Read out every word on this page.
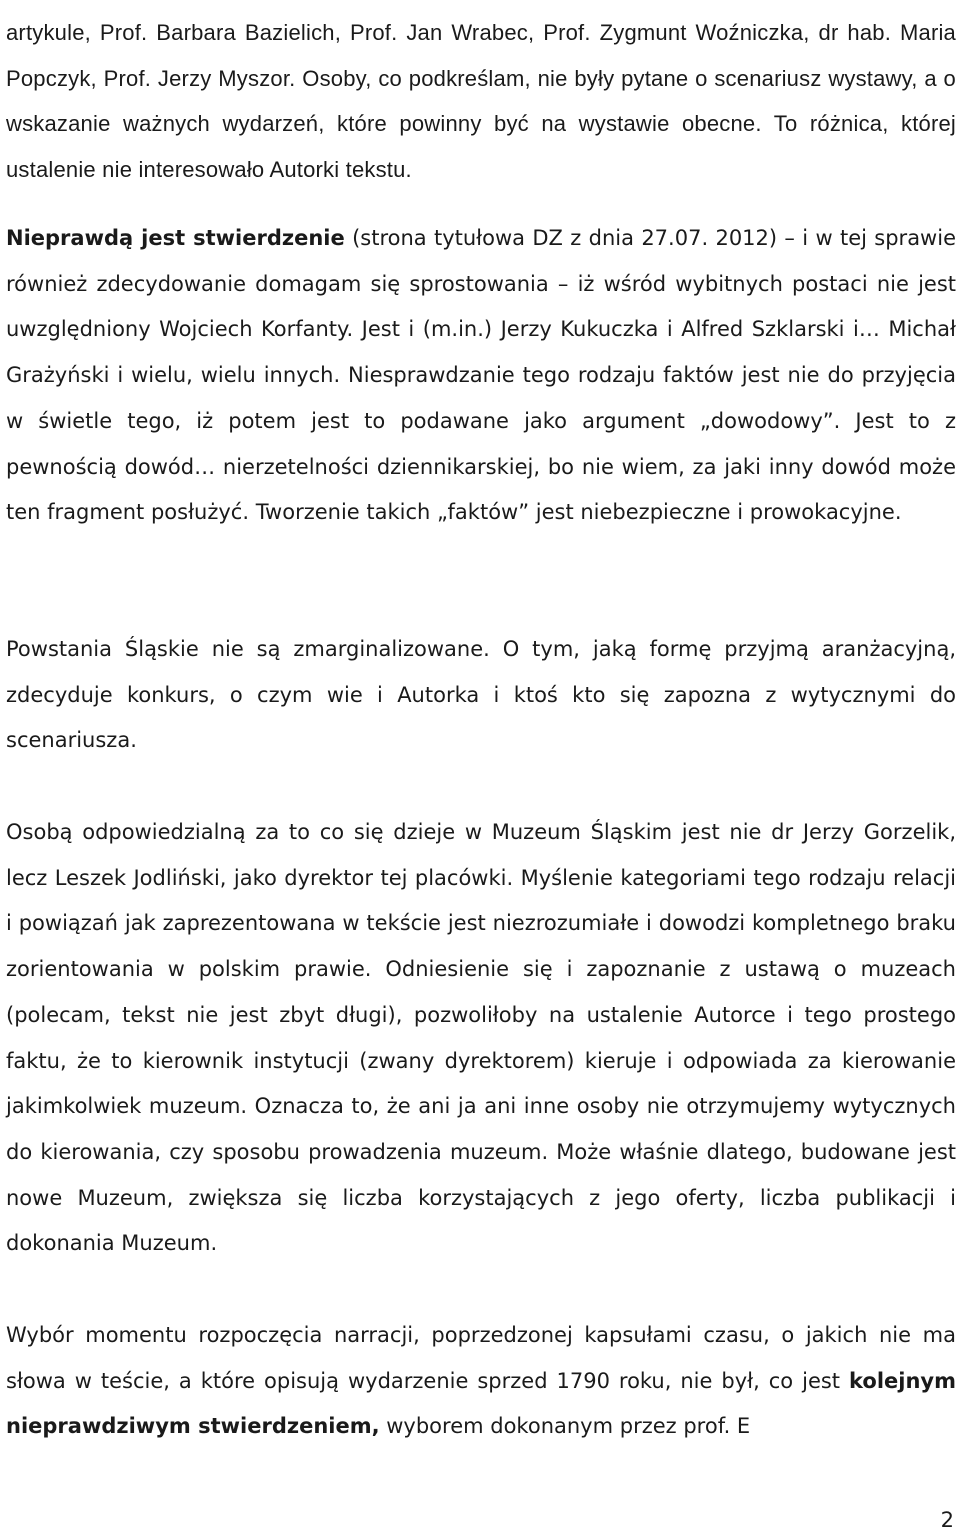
artykule, Prof. Barbara Bazielich, Prof. Jan Wrabec, Prof. Zygmunt Woźniczka, dr hab. Maria Popczyk, Prof. Jerzy Myszor. Osoby, co podkreślam, nie były pytane o scenariusz wystawy, a o wskazanie ważnych wydarzeń, które powinny być na wystawie obecne. To różnica, której ustalenie nie interesowało Autorki tekstu.

Nieprawdą jest stwierdzenie (strona tytułowa DZ z dnia 27.07. 2012) – i w tej sprawie również zdecydowanie domagam się sprostowania – iż wśród wybitnych postaci nie jest uwzględniony Wojciech Korfanty. Jest i (m.in.) Jerzy Kukuczka i Alfred Szklarski i… Michał Grażyński i wielu, wielu innych. Niesprawdzanie tego rodzaju faktów jest nie do przyjęcia w świetle tego, iż potem jest to podawane jako argument „dowodowy”. Jest to z pewnością dowód… nierzetelności dziennikarskiej, bo nie wiem, za jaki inny dowód może ten fragment posłużyć. Tworzenie takich „faktów” jest niebezpieczne i prowokacyjne.

Powstania Śląskie nie są zmarginalizowane. O tym, jaką formę przyjmą aranżacyjną, zdecyduje konkurs, o czym wie i Autorka i ktoś kto się zapozna z wytycznymi do scenariusza.

Osobą odpowiedzialną za to co się dzieje w Muzeum Śląskim jest nie dr Jerzy Gorzelik, lecz Leszek Jodliński, jako dyrektor tej placówki. Myślenie kategoriami tego rodzaju relacji i powiązań jak zaprezentowana w tekście jest niezrozumiałe i dowodzi kompletnego braku zorientowania w polskim prawie. Odniesienie się i zapoznanie z ustawą o muzeach (polecam, tekst nie jest zbyt długi), pozwoliłoby na ustalenie Autorce i tego prostego faktu, że to kierownik instytucji (zwany dyrektorem) kieruje i odpowiada za kierowanie jakimkolwiek muzeum. Oznacza to, że ani ja ani inne osoby nie otrzymujemy wytycznych do kierowania, czy sposobu prowadzenia muzeum. Może właśnie dlatego, budowane jest nowe Muzeum, zwiększa się liczba korzystających z jego oferty, liczba publikacji i dokonania Muzeum.

Wybór momentu rozpoczęcia narracji, poprzedzonej kapsułami czasu, o jakich nie ma słowa w teście, a które opisują wydarzenie sprzed 1790 roku, nie był, co jest kolejnym nieprawdziwym stwierdzeniem, wyborem dokonanym przez prof. E

2
